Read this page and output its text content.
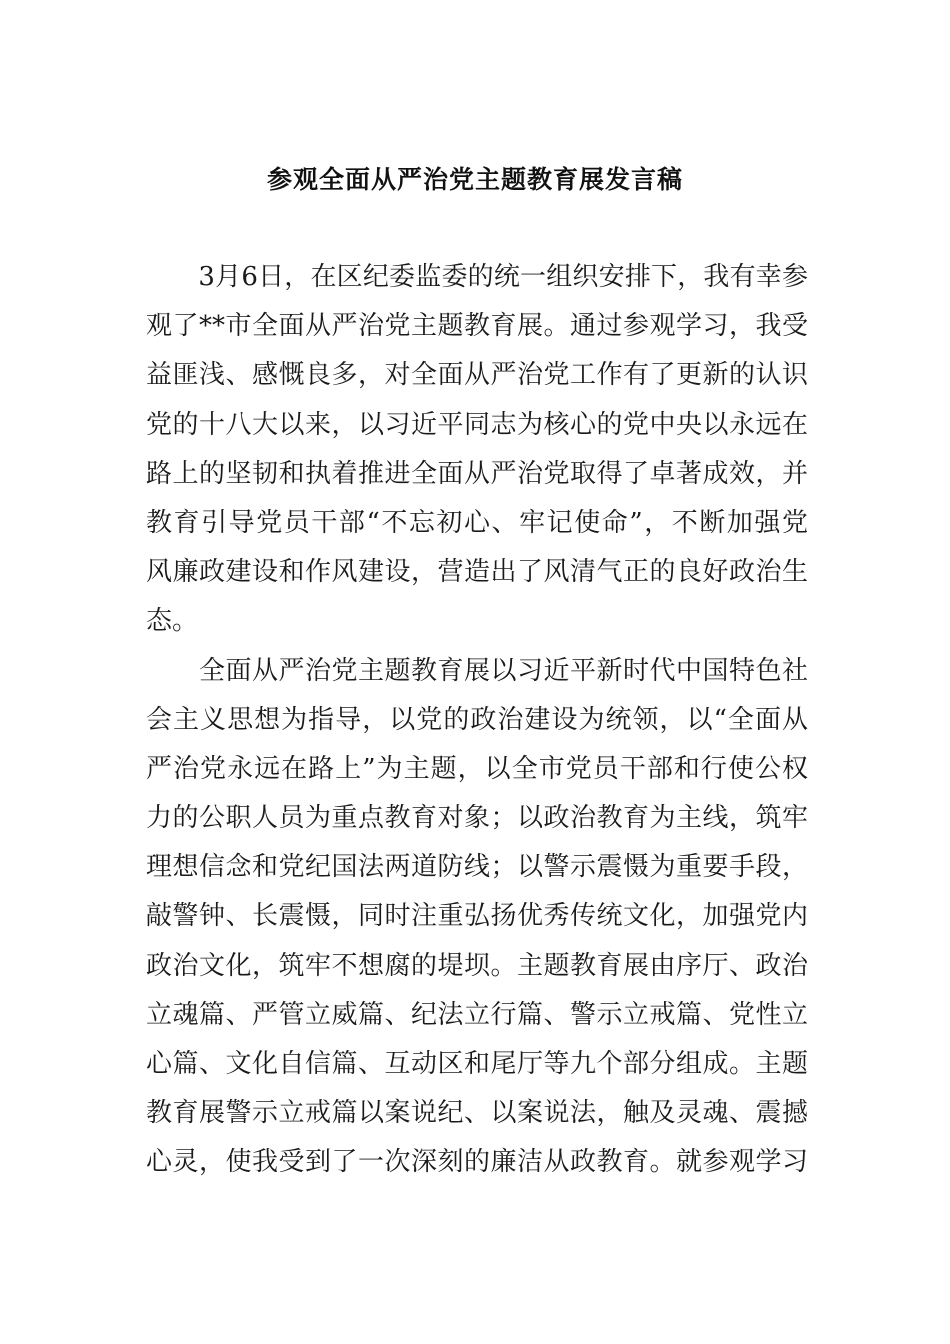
参观全面从严治党主题教育展发言稿
　　3月6日，在区纪委监委的统一组织安排下，我有幸参
观了**市全面从严治党主题教育展。通过参观学习，我受
益匪浅、感慨良多，对全面从严治党工作有了更新的认识
党的十八大以来，以习近平同志为核心的党中央以永远在
路上的坚韧和执着推进全面从严治党取得了卓著成效，并
教育引导党员干部“不忘初心、牢记使命”，不断加强党
风廉政建设和作风建设，营造出了风清气正的良好政治生
态。
　　全面从严治党主题教育展以习近平新时代中国特色社
会主义思想为指导，以党的政治建设为统领，以“全面从
严治党永远在路上”为主题，以全市党员干部和行使公权
力的公职人员为重点教育对象；以政治教育为主线，筑牢
理想信念和党纪国法两道防线；以警示震慑为重要手段，
敲警钟、长震慑，同时注重弘扬优秀传统文化，加强党内
政治文化，筑牢不想腐的堤坝。主题教育展由序厅、政治
立魂篇、严管立威篇、纪法立行篇、警示立戒篇、党性立
心篇、文化自信篇、互动区和尾厅等九个部分组成。主题
教育展警示立戒篇以案说纪、以案说法，触及灵魂、震撼
心灵，使我受到了一次深刻的廉洁从政教育。就参观学习
